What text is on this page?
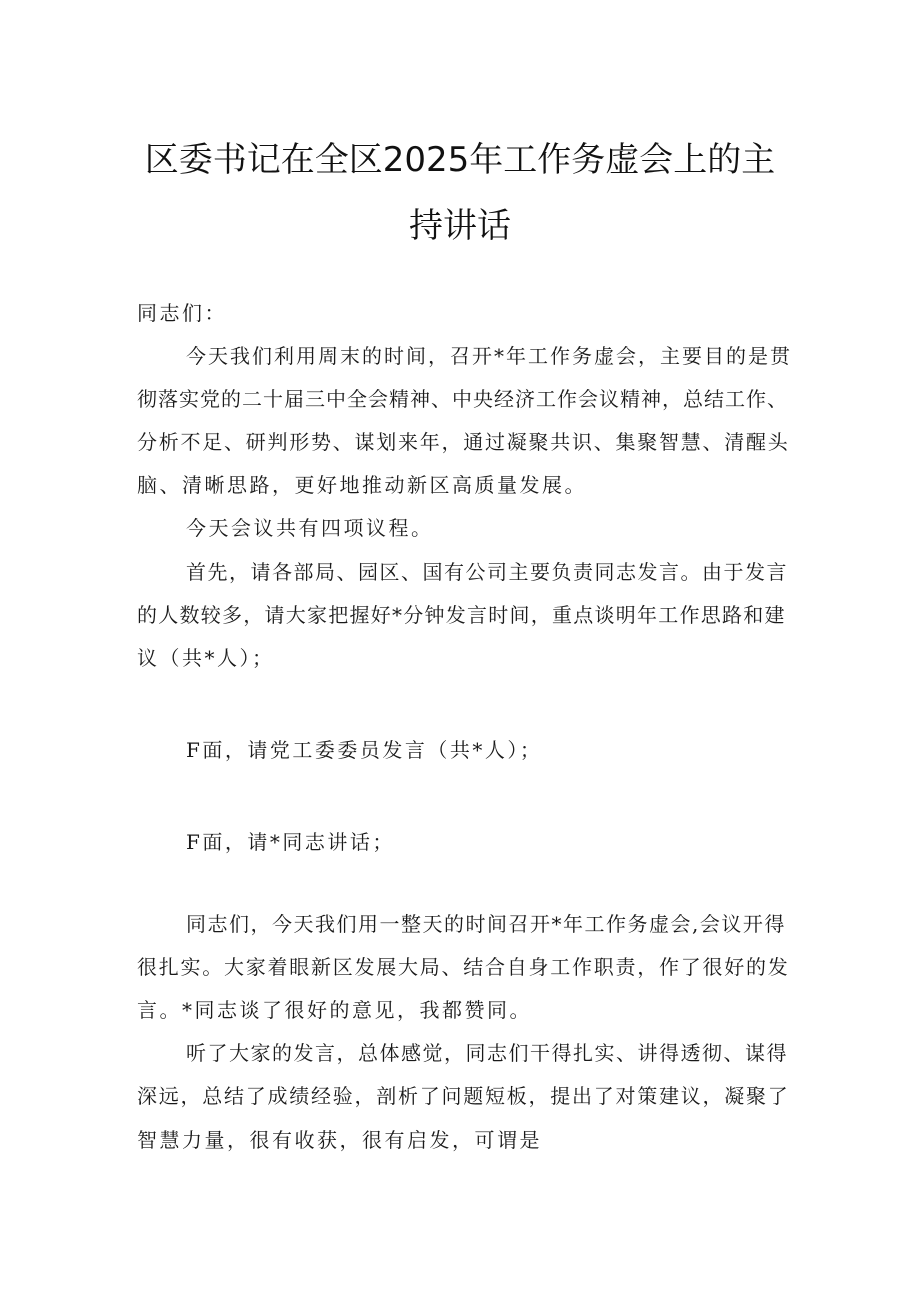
区委书记在全区2025年工作务虚会上的主
持讲话
同志们：
今天我们利用周末的时间，召开*年工作务虚会，主要目的是贯
彻落实党的二十届三中全会精神、中央经济工作会议精神，总结工作、
分析不足、研判形势、谋划来年，通过凝聚共识、集聚智慧、清醒头
脑、清晰思路，更好地推动新区高质量发展。
今天会议共有四项议程。
首先，请各部局、园区、国有公司主要负责同志发言。由于发言
的人数较多，请大家把握好*分钟发言时间，重点谈明年工作思路和建
议（共*人）；
F面，请党工委委员发言（共*人）；
F面，请*同志讲话；
同志们，今天我们用一整天的时间召开*年工作务虚会,会议开得
很扎实。大家着眼新区发展大局、结合自身工作职责，作了很好的发
言。*同志谈了很好的意见，我都赞同。
听了大家的发言，总体感觉，同志们干得扎实、讲得透彻、谋得
深远，总结了成绩经验，剖析了问题短板，提出了对策建议，凝聚了
智慧力量，很有收获，很有启发，可谓是
